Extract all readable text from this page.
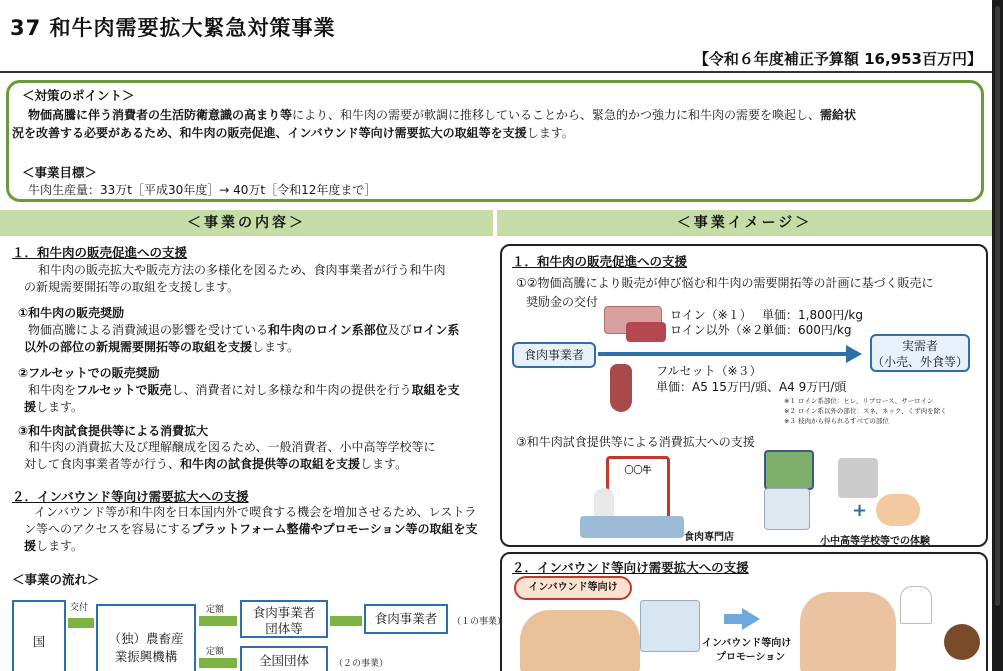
37 和牛肉需要拡大緊急対策事業
【令和６年度補正予算額 16,953百万円】
＜対策のポイント＞
物価高騰に伴う消費者の生活防衛意識の高まり等により、和牛肉の需要が軟調に推移していることから、緊急的かつ強力に和牛肉の需要を喚起し、需給状
況を改善する必要があるため、和牛肉の販売促進、インバウンド等向け需要拡大の取組等を支援します。
＜事業目標＞
牛肉生産量：33万t［平成30年度］→ 40万t［令和12年度まで］
＜事業の内容＞	＜事業イメージ＞
１．和牛肉の販売促進への支援
和牛肉の販売拡大や販売方法の多様化を図るため、食肉事業者が行う和牛肉
の新規需要開拓等の取組を支援します。
①和牛肉の販売奨励
物価高騰による消費減退の影響を受けている和牛肉のロイン系部位及びロイン系
以外の部位の新規需要開拓等の取組を支援します。
②フルセットでの販売奨励
和牛肉をフルセットで販売し、消費者に対し多様な和牛肉の提供を行う取組を支
援します。
③和牛肉試食提供等による消費拡大
和牛肉の消費拡大及び理解醸成を図るため、一般消費者、小中高等学校等に
対して食肉事業者等が行う、和牛肉の試食提供等の取組を支援します。
２．インバウンド等向け需要拡大への支援
インバウンド等が和牛肉を日本国内外で喫食する機会を増加させるため、レストラ
ン等へのアクセスを容易にするプラットフォーム整備やプロモーション等の取組を支
援します。
＜事業の流れ＞
国
交付
（独）農畜産
業振興機構
定額	食肉事業者
団体等
食肉事業者	（１の事業）
定額
全国団体	（２の事業）
１．和牛肉の販売促進への支援
①②物価高騰により販売が伸び悩む和牛肉の需要開拓等の計画に基づく販売に
奨励金の交付
ロイン（※１） 単価：1,800円/kg
ロイン以外（※２）
単価：600円/kg
食肉事業者
実需者
（小売、外食等）
フルセット（※３）
単価：A5 15万円/頭、A4 9万円/頭
※１ ロイン系部位：ヒレ、リブロース、サーロイン
※２ ロイン系以外の部位：スネ、ネック、くず肉を除く
※３ 枝肉から得られるすべての部位
③和牛肉試食提供等による消費拡大への支援
〇〇牛
食肉専門店
+
小中高等学校等での体験
２．インバウンド等向け需要拡大への支援
インバウンド等向け
インバウンド等向け
プロモーション
